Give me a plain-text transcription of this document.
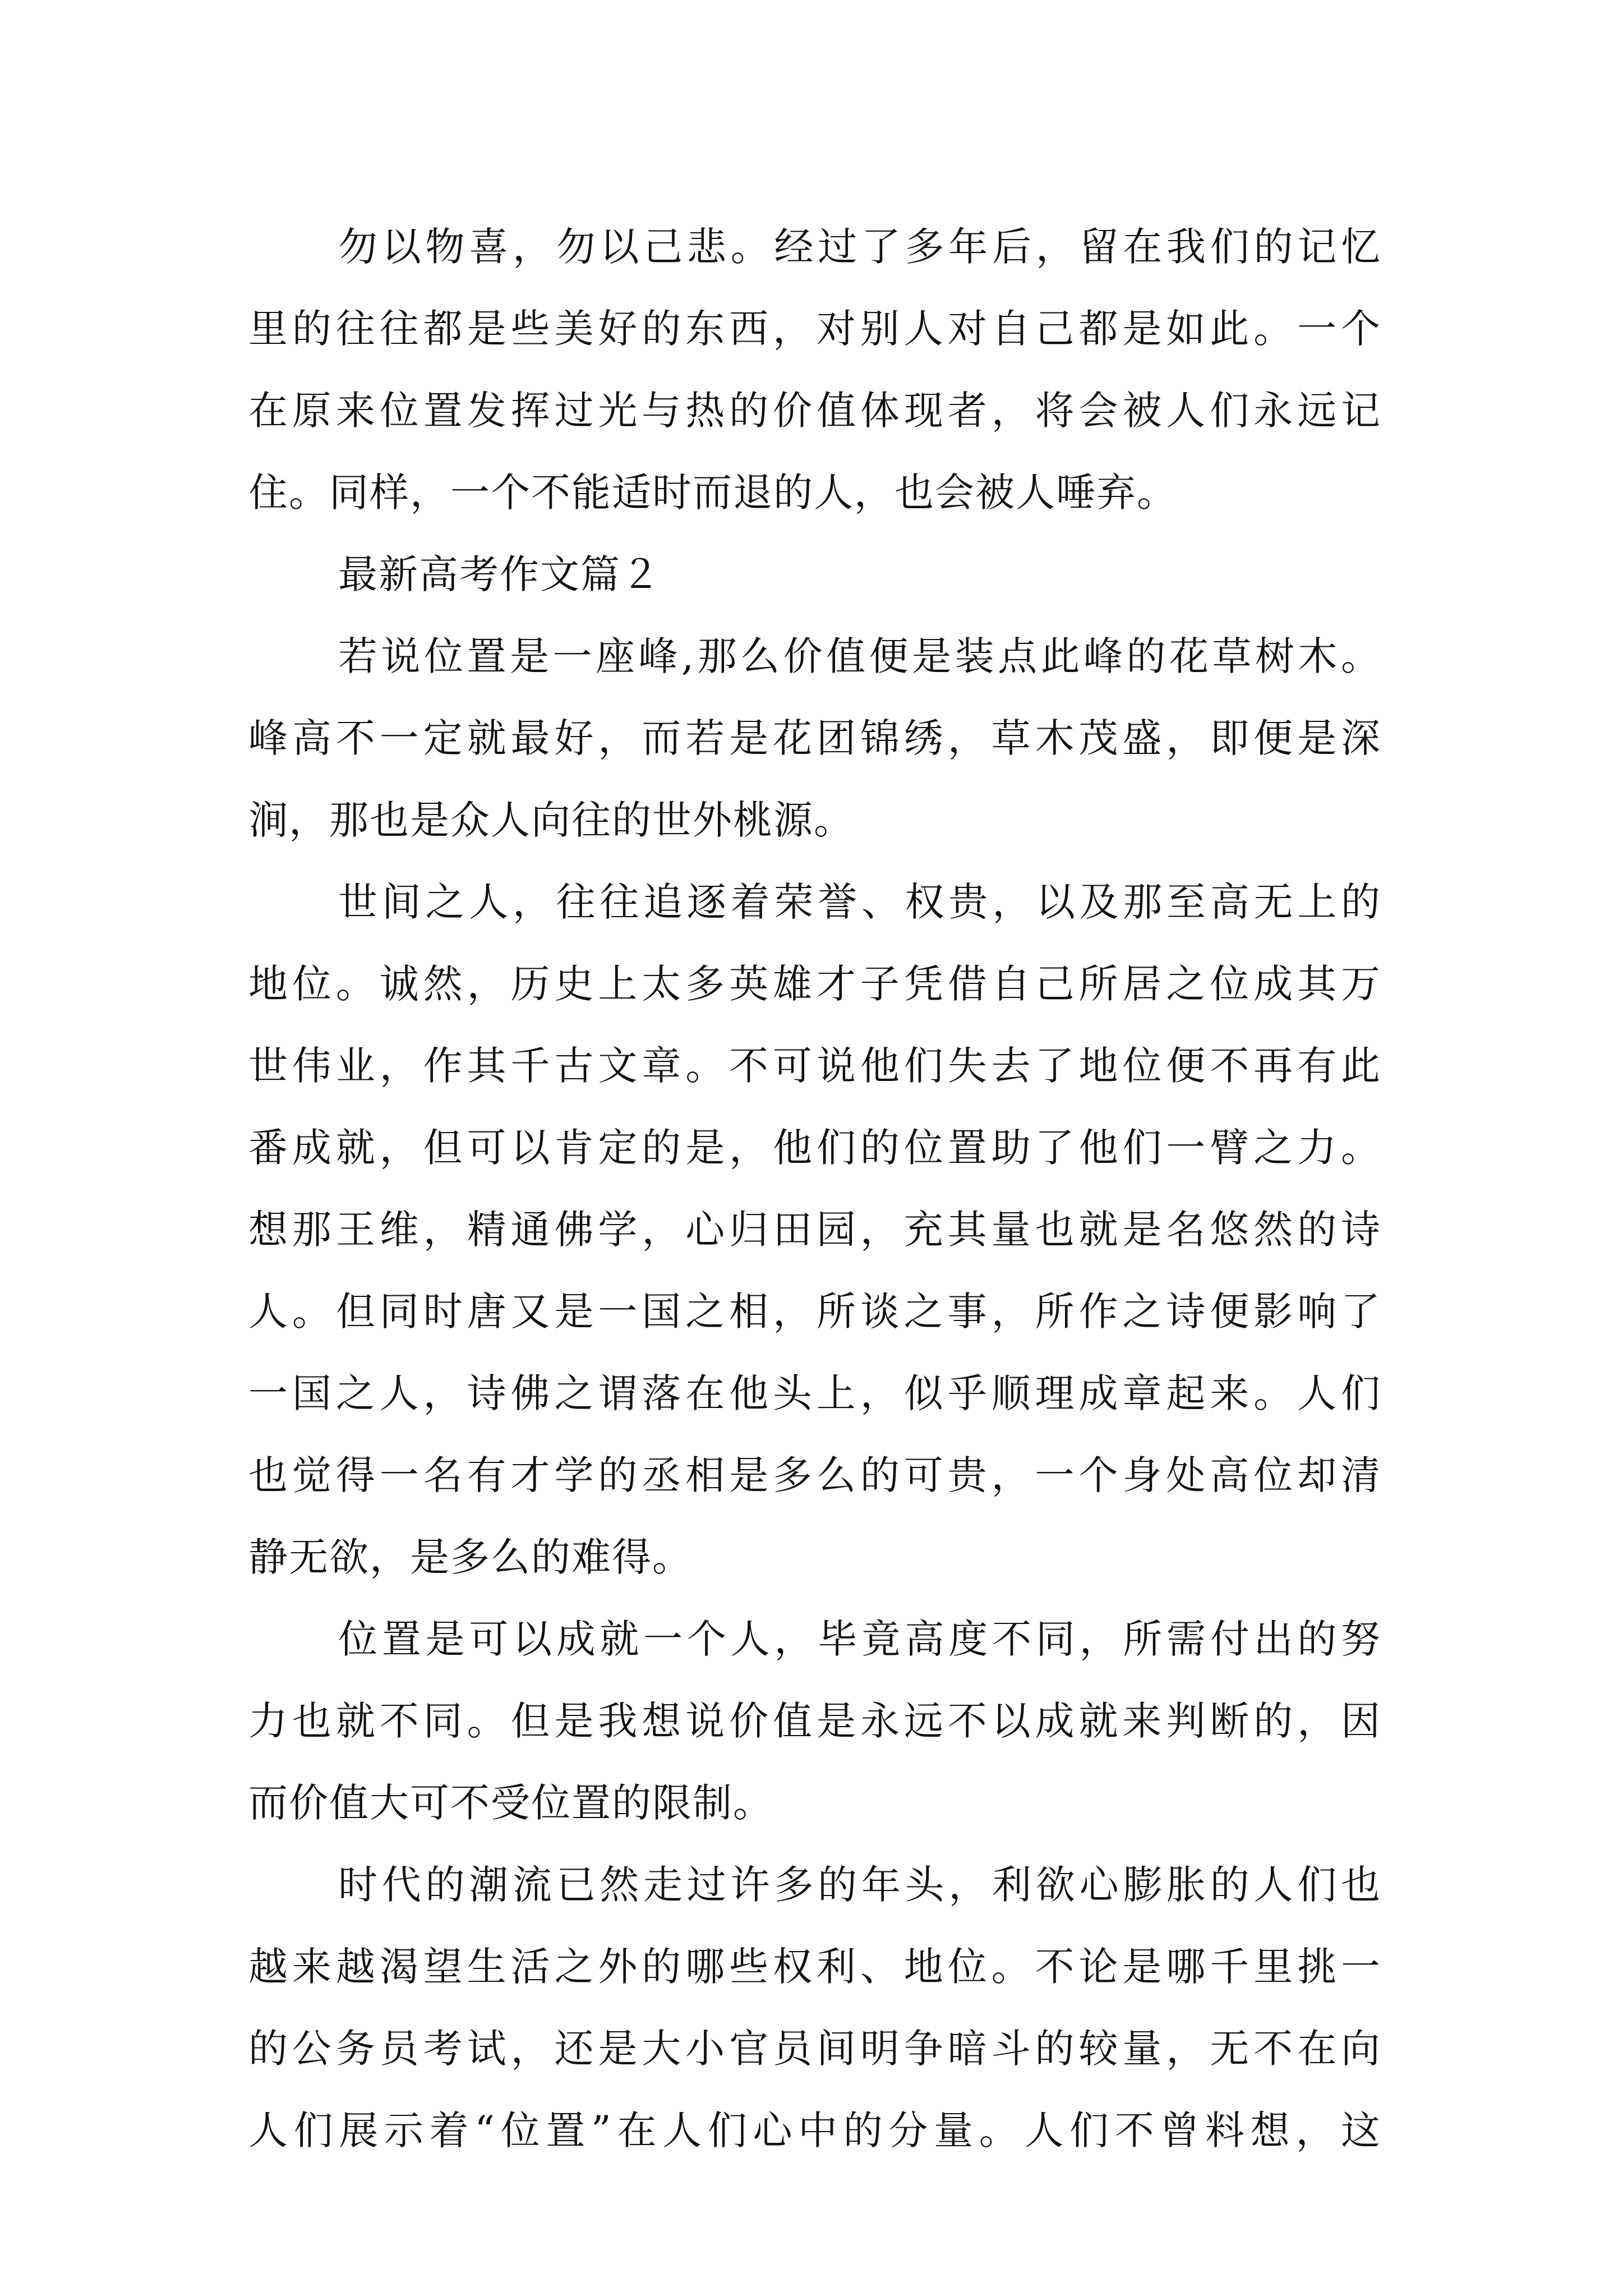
勿以物喜，勿以己悲。经过了多年后，留在我们的记忆
里的往往都是些美好的东西，对别人对自己都是如此。一个
在原来位置发挥过光与热的价值体现者，将会被人们永远记
住。同样，一个不能适时而退的人，也会被人唾弃。
最新高考作文篇２
若说位置是一座峰,那么价值便是装点此峰的花草树木。
峰高不一定就最好，而若是花团锦绣，草木茂盛，即便是深
涧，那也是众人向往的世外桃源。
世间之人，往往追逐着荣誉、权贵，以及那至高无上的
地位。诚然，历史上太多英雄才子凭借自己所居之位成其万
世伟业，作其千古文章。不可说他们失去了地位便不再有此
番成就，但可以肯定的是，他们的位置助了他们一臂之力。
想那王维，精通佛学，心归田园，充其量也就是名悠然的诗
人。但同时唐又是一国之相，所谈之事，所作之诗便影响了
一国之人，诗佛之谓落在他头上，似乎顺理成章起来。人们
也觉得一名有才学的丞相是多么的可贵，一个身处高位却清
静无欲，是多么的难得。
位置是可以成就一个人，毕竟高度不同，所需付出的努
力也就不同。但是我想说价值是永远不以成就来判断的，因
而价值大可不受位置的限制。
时代的潮流已然走过许多的年头，利欲心膨胀的人们也
越来越渴望生活之外的哪些权利、地位。不论是哪千里挑一
的公务员考试，还是大小官员间明争暗斗的较量，无不在向
人们展示着“位置”在人们心中的分量。人们不曾料想，这
